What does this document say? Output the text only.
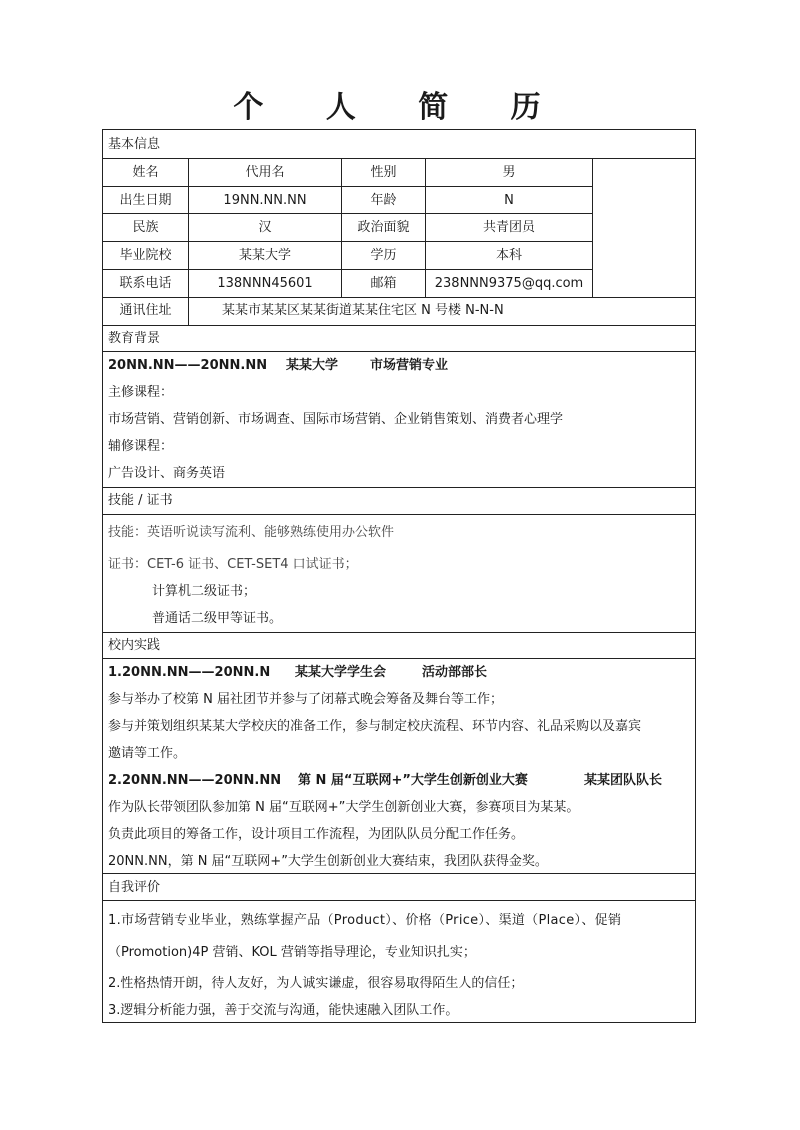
个 人 简 历
基本信息
姓名	代用名	性别	男
出生日期	19NN.NN.NN	年龄	N
民族	汉	政治面貌	共青团员
毕业院校	某某大学	学历	本科
联系电话	138NNN45601	邮箱	238NNN9375@qq.com
通讯住址	某某市某某区某某街道某某住宅区 N 号楼 N-N-N
教育背景
20NN.NN——20NN.NN 某某大学 市场营销专业
主修课程：
市场营销、营销创新、市场调查、国际市场营销、企业销售策划、消费者心理学
辅修课程：
广告设计、商务英语
技能 / 证书
技能：英语听说读写流利、能够熟练使用办公软件
证书：CET-6 证书、CET-SET4 口试证书；
计算机二级证书；
普通话二级甲等证书。
校内实践
1.20NN.NN——20NN.N 某某大学学生会	活动部部长
参与举办了校第 N 届社团节并参与了闭幕式晚会筹备及舞台等工作；
参与并策划组织某某大学校庆的准备工作，参与制定校庆流程、环节内容、礼品采购以及嘉宾
邀请等工作。
2.20NN.NN——20NN.NN 第 N 届“互联网+”大学生创新创业大赛	某某团队队长
作为队长带领团队参加第 N 届“互联网+”大学生创新创业大赛，参赛项目为某某。
负责此项目的筹备工作，设计项目工作流程，为团队队员分配工作任务。
20NN.NN，第 N 届“互联网+”大学生创新创业大赛结束，我团队获得金奖。
自我评价
1.市场营销专业毕业，熟练掌握产品（Product）、价格（Price）、渠道（Place）、促销
（Promotion)4P 营销、KOL 营销等指导理论，专业知识扎实；
2.性格热情开朗，待人友好，为人诚实谦虚，很容易取得陌生人的信任；
3.逻辑分析能力强，善于交流与沟通，能快速融入团队工作。
